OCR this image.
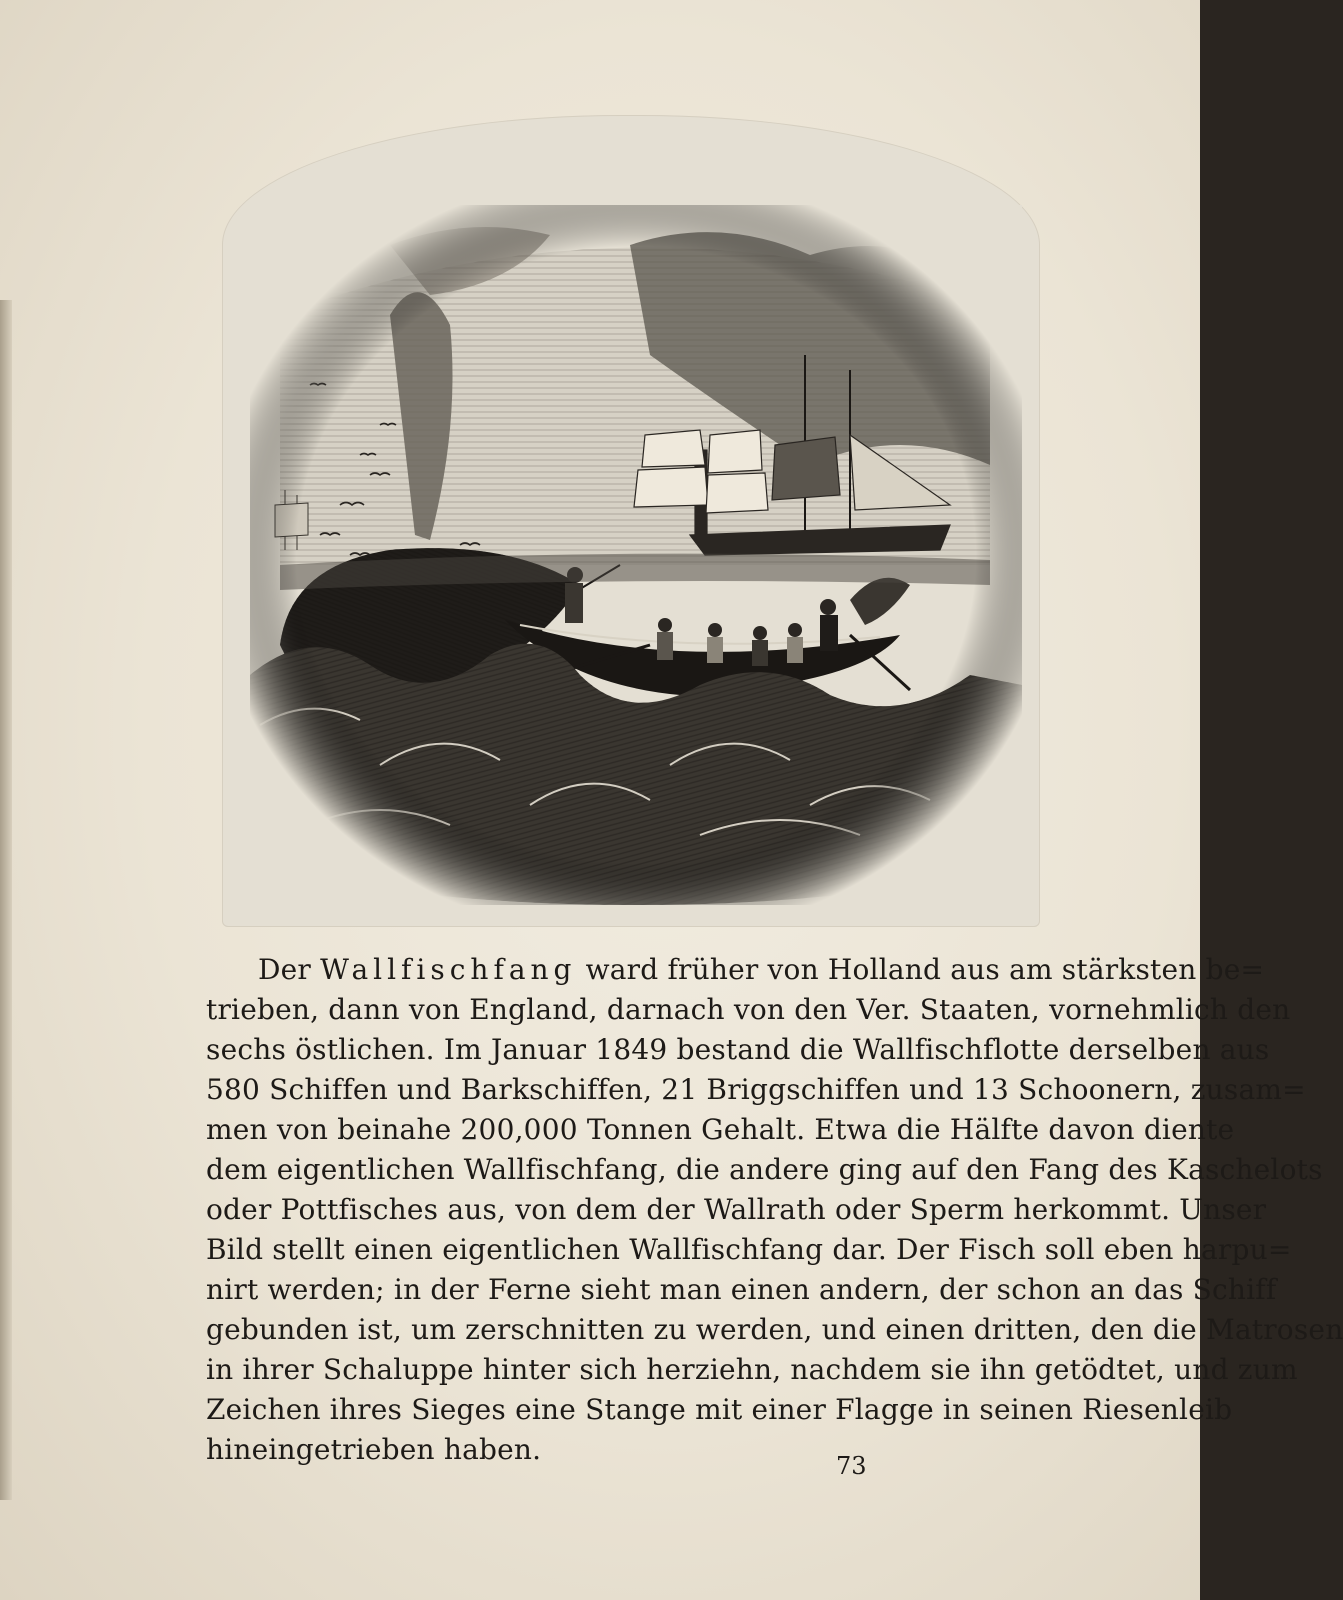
Der Wallfischfang ward früher von Holland aus am stärksten be=
trieben, dann von England, darnach von den Ver. Staaten, vornehmlich den
sechs östlichen. Im Januar 1849 bestand die Wallfischflotte derselben aus
580 Schiffen und Barkschiffen, 21 Briggschiffen und 13 Schoonern, zusam=
men von beinahe 200,000 Tonnen Gehalt. Etwa die Hälfte davon diente
dem eigentlichen Wallfischfang, die andere ging auf den Fang des Kaschelots
oder Pottfisches aus, von dem der Wallrath oder Sperm herkommt. Unser
Bild stellt einen eigentlichen Wallfischfang dar. Der Fisch soll eben harpu=
nirt werden; in der Ferne sieht man einen andern, der schon an das Schiff
gebunden ist, um zerschnitten zu werden, und einen dritten, den die Matrosen
in ihrer Schaluppe hinter sich herziehn, nachdem sie ihn getödtet, und zum
Zeichen ihres Sieges eine Stange mit einer Flagge in seinen Riesenleib
hineingetrieben haben.	73
